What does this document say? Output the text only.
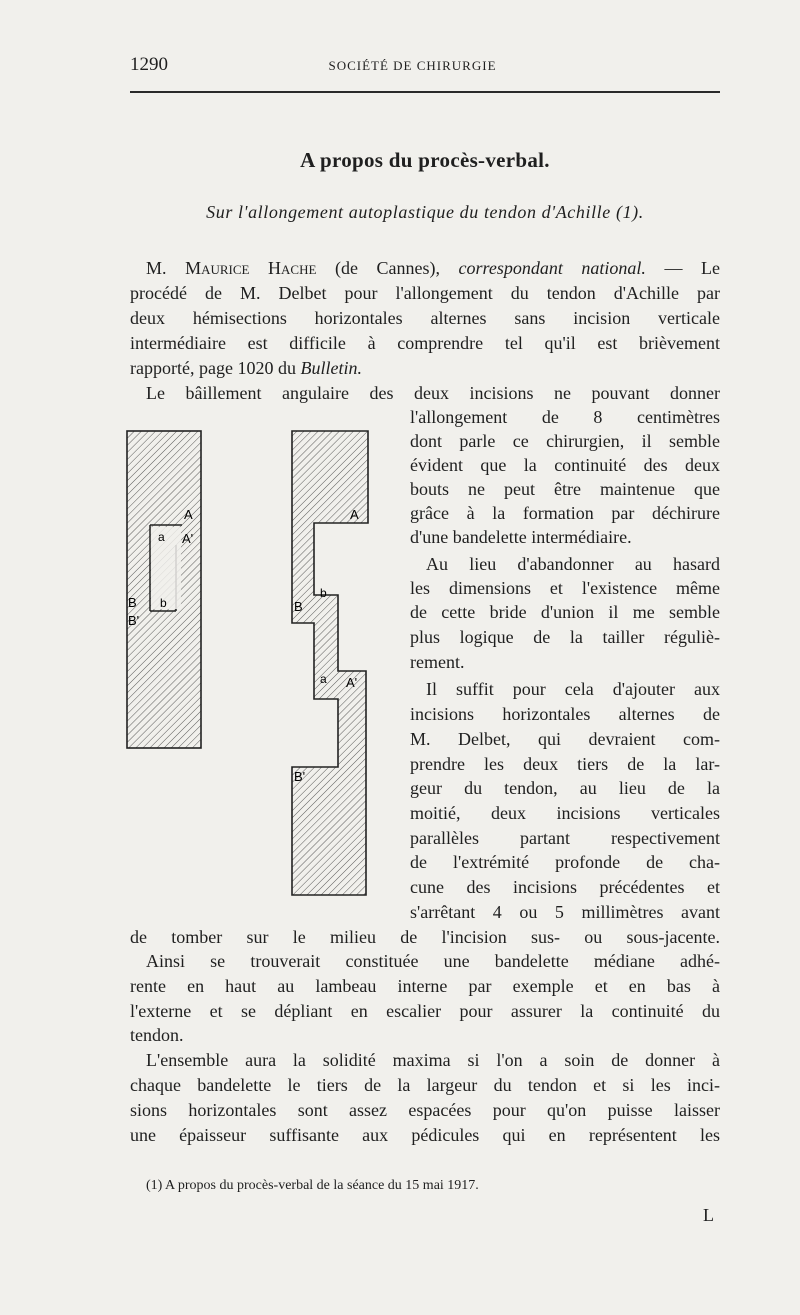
1290	SOCIÉTÉ DE CHIRURGIE
A propos du procès-verbal.
Sur l'allongement autoplastique du tendon d'Achille (1).
M. Maurice Hache (de Cannes), correspondant national. — Le
procédé de M. Delbet pour l'allongement du tendon d'Achille par
deux hémisections horizontales alternes sans incision verticale
intermédiaire est difficile à comprendre tel qu'il est brièvement
rapporté, page 1020 du Bulletin.
Le bâillement angulaire des deux incisions ne pouvant donner
l'allongement de 8 centimètres
dont parle ce chirurgien, il semble
évident que la continuité des deux
bouts ne peut être maintenue que
grâce à la formation par déchirure
d'une bandelette intermédiaire.
Au lieu d'abandonner au hasard
les dimensions et l'existence même
de cette bride d'union il me semble
plus logique de la tailler réguliè-
rement.
Il suffit pour cela d'ajouter aux
incisions horizontales alternes de
M. Delbet, qui devraient com-
prendre les deux tiers de la lar-
geur du tendon, au lieu de la
moitié, deux incisions verticales
parallèles partant respectivement
de l'extrémité profonde de cha-
cune des incisions précédentes et
s'arrêtant 4 ou 5 millimètres avant
de tomber sur le milieu de l'incision sus- ou sous-jacente.
Ainsi se trouverait constituée une bandelette médiane adhé-
rente en haut au lambeau interne par exemple et en bas à
l'externe et se dépliant en escalier pour assurer la continuité du
tendon.
L'ensemble aura la solidité maxima si l'on a soin de donner à
chaque bandelette le tiers de la largeur du tendon et si les inci-
sions horizontales sont assez espacées pour qu'on puisse laisser
une épaisseur suffisante aux pédicules qui en représentent les
(1) A propos du procès-verbal de la séance du 15 mai 1917.
L
A
a A'
B b
B'
A
b
B
a A'
B'
